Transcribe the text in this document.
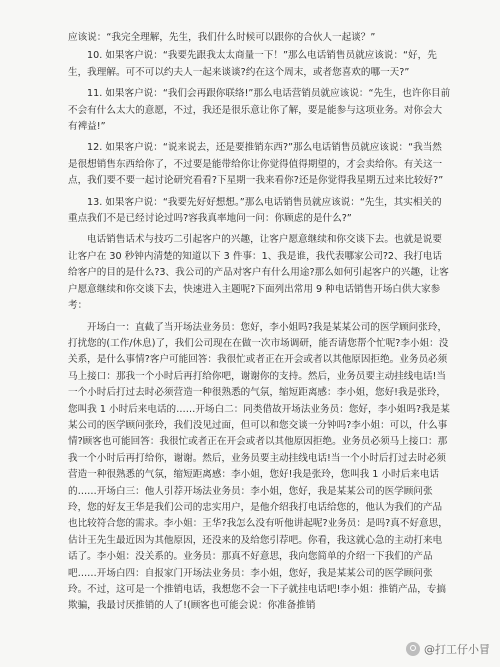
应该说：“我完全理解，先生，我们什么时候可以跟你的合伙人一起谈？”

10. 如果客户说：“我要先跟我太太商量一下！”那么电话销售员就应该说：“好，先生，我理解。可不可以约夫人一起来谈谈?约在这个周末，或者您喜欢的哪一天?”

11. 如果客户说：“我们会再跟你联络!”那么电话营销员就应该说：“先生，也许你目前不会有什么太大的意愿，不过，我还是很乐意让你了解，要是能参与这项业务。对你会大有裨益!”

12. 如果客户说：“说来说去，还是要推销东西?”那么电话销售员就应该说：“我当然是很想销售东西给你了，不过要是能带给你让你觉得值得期望的，才会卖给你。有关这一点，我们要不要一起讨论研究看看?下星期一我来看你?还是你觉得我星期五过来比较好?”

13. 如果客户说：“我要先好好想想。”那么电话销售员就应该说：“先生，其实相关的重点我们不是已经讨论过吗?容我真率地问一问：你顾虑的是什么?”

电话销售话术与技巧二引起客户的兴趣，让客户愿意继续和你交谈下去。也就是说要让客户在 30 秒钟内清楚的知道以下 3 件事：1、我是谁，我代表哪家公司?2、我打电话给客户的目的是什么?3、我公司的产品对客户有什么用途?那么如何引起客户的兴趣，让客户愿意继续和你交谈下去，快速进入主题呢?下面列出常用 9 种电话销售开场白供大家参考：

开场白一：直截了当开场法业务员：您好，李小姐吗?我是某某公司的医学顾问张玲，打扰您的(工作/休息)了，我们公司现在在做一次市场调研，能否请您帮个忙呢?李小姐：没关系，是什么事情?客户可能回答：我很忙或者正在开会或者以其他原因拒绝。业务员必须马上接口：那我一个小时后再打给你吧，谢谢你的支持。然后，业务员要主动挂线电话!当一个小时后打过去时必须营造一种很熟悉的气氛，缩短距离感：李小姐，您好!我是张玲，您叫我 1 小时后来电话的……开场白二：同类借故开场法业务员：您好，李小姐吗?我是某某公司的医学顾问张玲，我们没见过面，但可以和您交谈一分钟吗?李小姐：可以，什么事情?顾客也可能回答：我很忙或者正在开会或者以其他原因拒绝。业务员必须马上接口：那我一个小时后再打给你，谢谢。然后，业务员要主动挂线电话!当一个小时后打过去时必须营造一种很熟悉的气氛，缩短距离感：李小姐，您好!我是张玲，您叫我 1 小时后来电话的……开场白三：他人引荐开场法业务员：李小姐，您好，我是某某公司的医学顾问张玲，您的好友王华是我们公司的忠实用户，是他介绍我打电话给您的，他认为我们的产品也比较符合您的需求。李小姐：王华?我怎么没有听他讲起呢?业务员：是吗?真不好意思，估计王先生最近因为其他原因，还没来的及给您引荐吧。你看，我这就心急的主动打来电话了。李小姐：没关系的。业务员：那真不好意思，我向您简单的介绍一下我们的产品吧……开场白四：自报家门开场法业务员：李小姐，您好，我是某某公司的医学顾问张玲。不过，这可是一个推销电话，我想您不会一下子就挂电话吧!李小姐：推销产品，专搞欺骗，我最讨厌推销的人了!(顾客也可能会说：你准备推销

@打工仔小冒
